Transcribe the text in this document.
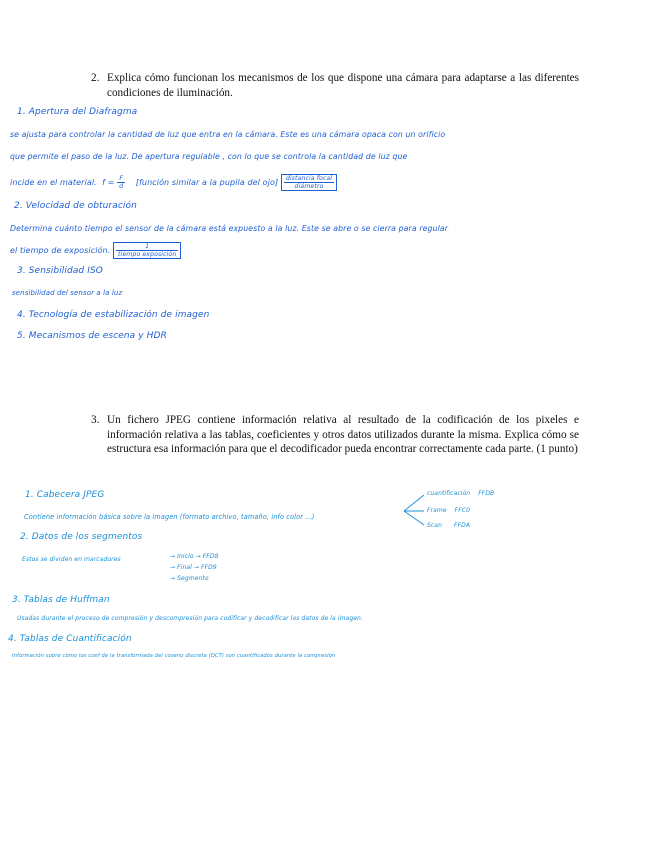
2. Explica cómo funcionan los mecanismos de los que dispone una cámara para adaptarse a las diferentes condiciones de iluminación.
1. Apertura del Diafragma
se ajusta para controlar la cantidad de luz que entra en la cámara. Este es una cámara opaca con un orificio
que permite el paso de la luz. De apertura regulable , con lo que se controla la cantidad de luz que
incide en el material. $f = \frac{F}{d}$ [función similar a la pupila del $ojo] \frac{\text{distancia focal}}{\text{diámetro}}$
2. Velocidad de obturación
Determina cuánto tiempo el sensor de la cámara está expuesto a la luz. Este se abre o se cierra para regular
el tiempo de exposición. $\frac{1}{\text{tiempo exposición}}$
3. Sensibilidad ISO
sensibilidad del sensor a la luz
4. Tecnología de estabilización de imagen
5. Mecanismos de escena y HDR
3. Un fichero JPEG contiene información relativa al resultado de la codificación de los pixeles e información relativa a las tablas, coeficientes y otros datos utilizados durante la misma. Explica cómo se estructura esa información para que el decodificador pueda encontrar correctamente cada parte. (1 punto)
1. Cabecera JPEG
Contiene información básica sobre la imagen (formato archivo, tamaño, info color ...)
cuantificación FFDB
Frame FFC0
Scan FFDA
2. Datos de los segmentos
Estos se dividen en marcadores	→ Inicio → FFD8
→ Final → FFD9
→ Segmento
3. Tablas de Huffman
Usadas durante el proceso de compresión y descompresión para codificar y decodificar los datos de la imagen.
4. Tablas de Cuantificación
Información sobre cómo los coef de la transformada del coseno discreta (DCT) son cuantificados durante la compresión
